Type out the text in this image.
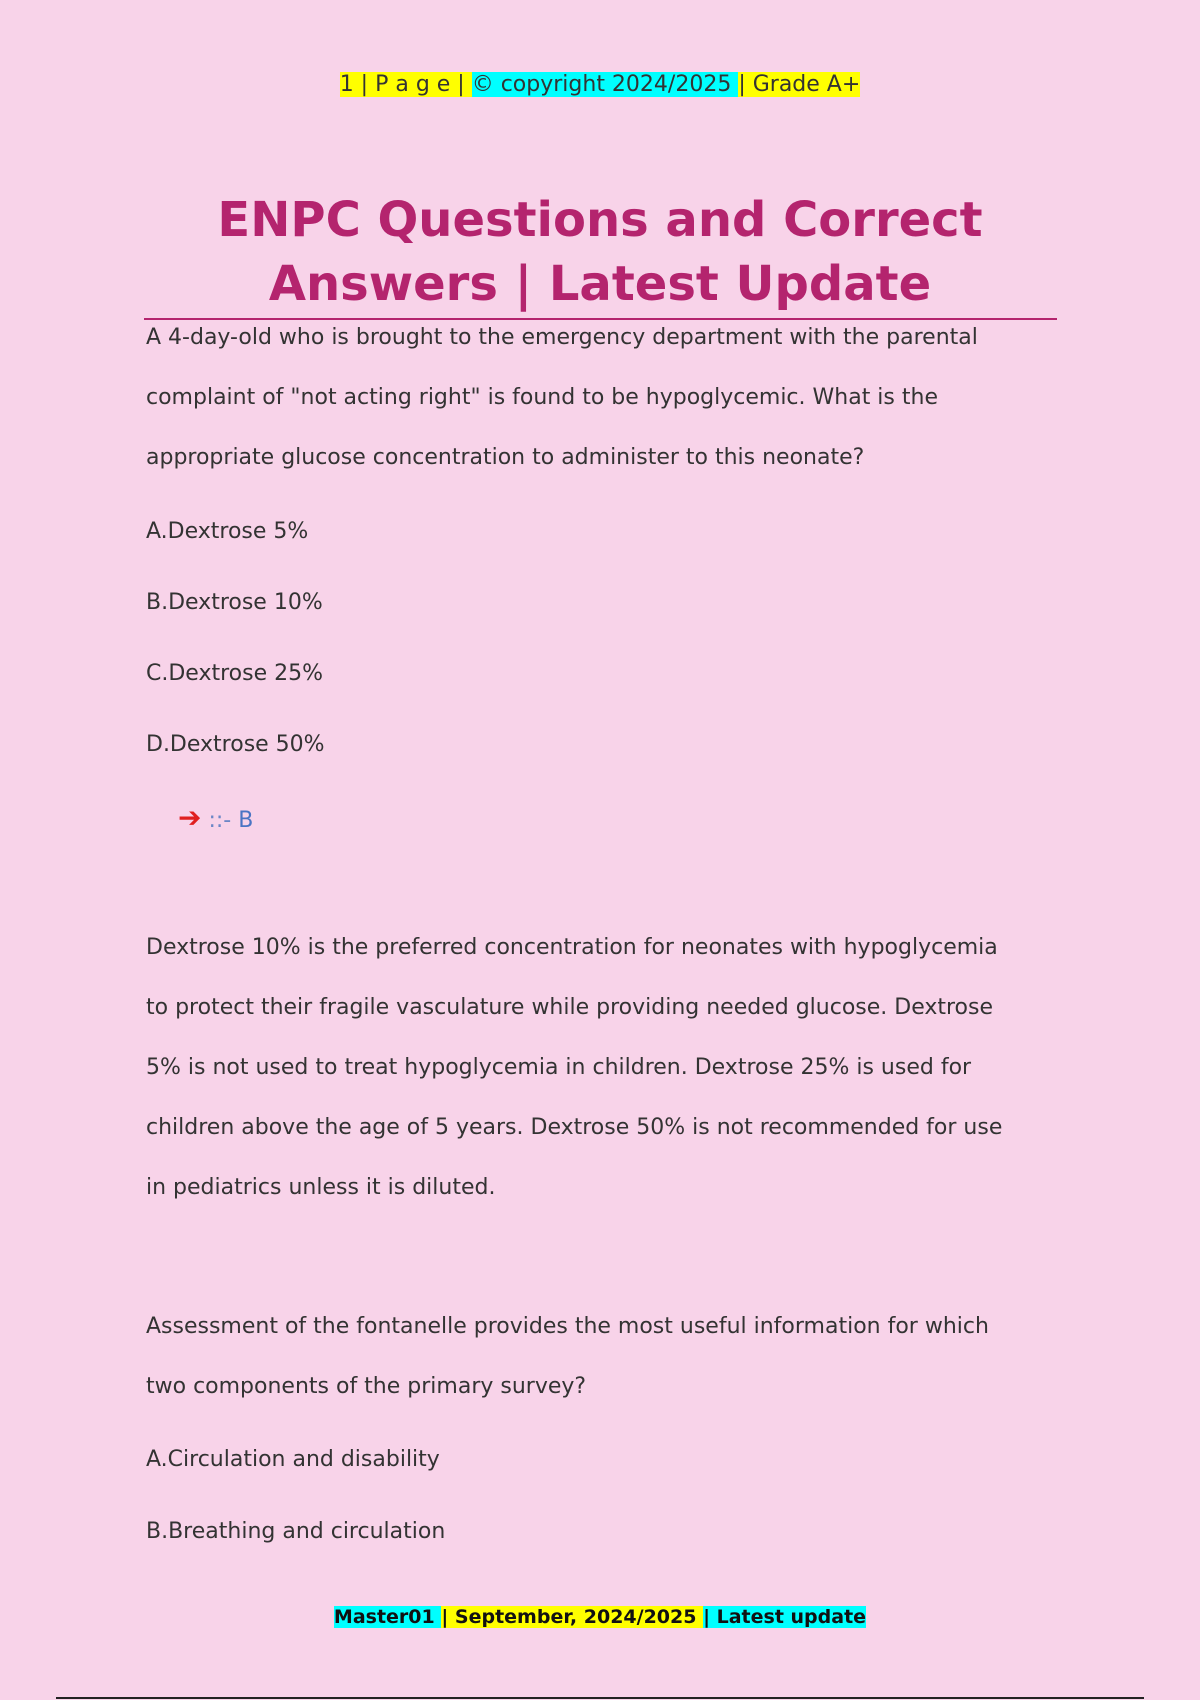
1 | P a g e | © copyright 2024/2025 | Grade A+
ENPC Questions and Correct
Answers | Latest Update
A 4-day-old who is brought to the emergency department with the parental
complaint of "not acting right" is found to be hypoglycemic. What is the
appropriate glucose concentration to administer to this neonate?
A.Dextrose 5%
B.Dextrose 10%
C.Dextrose 25%
D.Dextrose 50%
➔ ::- B
Dextrose 10% is the preferred concentration for neonates with hypoglycemia
to protect their fragile vasculature while providing needed glucose. Dextrose
5% is not used to treat hypoglycemia in children. Dextrose 25% is used for
children above the age of 5 years. Dextrose 50% is not recommended for use
in pediatrics unless it is diluted.
Assessment of the fontanelle provides the most useful information for which
two components of the primary survey?
A.Circulation and disability
B.Breathing and circulation
Master01 | September, 2024/2025 | Latest update
